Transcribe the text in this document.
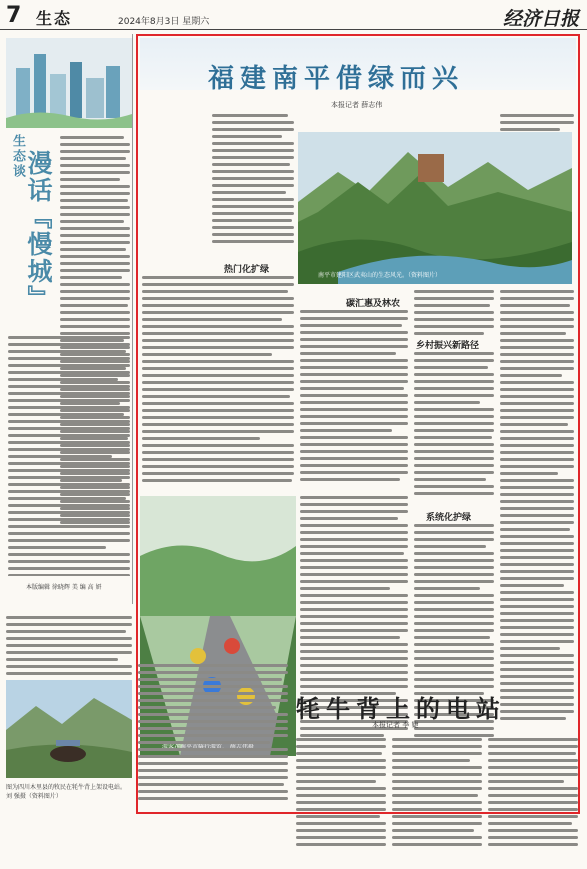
7 生态	2024年8月3日 星期六	经济日报
生态谈 漫话『慢城』
本版编辑 徐晓辉 美 编 高 妍
福建南平借绿而兴
本报记者 薛志伟
南平市建阳区武夷山的生态风光。（资料图片）
热门化扩绿
碳汇惠及林农
乡村振兴新路径
系统化护绿
图为四川木里县的牧民在牦牛背上架设电站。 刘 强摄（资料图片）
牦牛背上的电站
本报记者 李 婕
